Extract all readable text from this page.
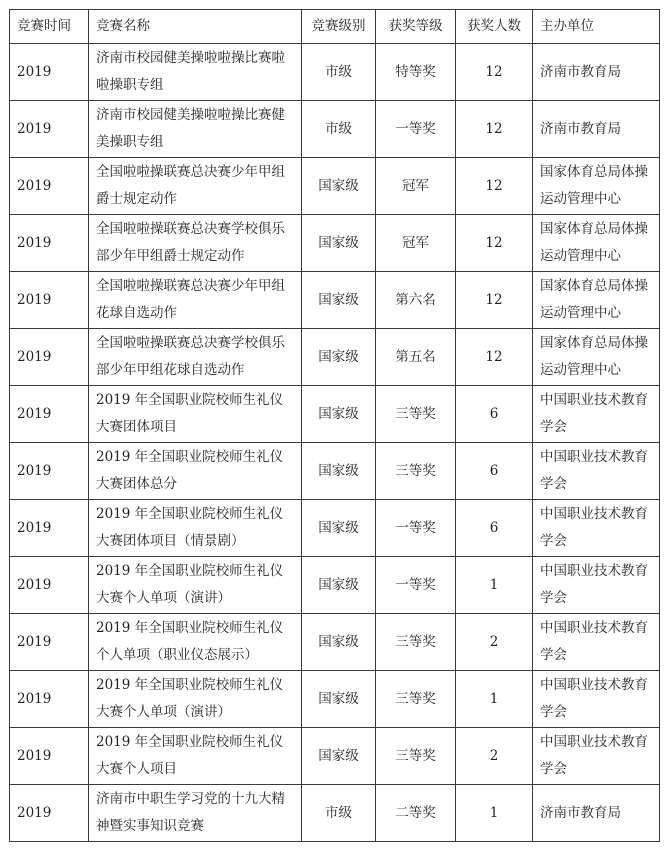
竞赛时间	竞赛名称	竞赛级别	获奖等级	获奖人数	主办单位
2019	济南市校园健美操啦啦操比赛啦啦操职专组	市级	特等奖	12	济南市教育局
2019	济南市校园健美操啦啦操比赛健美操职专组	市级	一等奖	12	济南市教育局
2019	全国啦啦操联赛总决赛少年甲组爵士规定动作	国家级	冠军	12	国家体育总局体操运动管理中心
2019	全国啦啦操联赛总决赛学校俱乐部少年甲组爵士规定动作	国家级	冠军	12	国家体育总局体操运动管理中心
2019	全国啦啦操联赛总决赛少年甲组花球自选动作	国家级	第六名	12	国家体育总局体操运动管理中心
2019	全国啦啦操联赛总决赛学校俱乐部少年甲组花球自选动作	国家级	第五名	12	国家体育总局体操运动管理中心
2019	2019 年全国职业院校师生礼仪大赛团体项目	国家级	三等奖	6	中国职业技术教育学会
2019	2019 年全国职业院校师生礼仪大赛团体总分	国家级	三等奖	6	中国职业技术教育学会
2019	2019 年全国职业院校师生礼仪大赛团体项目（情景剧）	国家级	一等奖	6	中国职业技术教育学会
2019	2019 年全国职业院校师生礼仪大赛个人单项（演讲）	国家级	一等奖	1	中国职业技术教育学会
2019	2019 年全国职业院校师生礼仪个人单项（职业仪态展示）	国家级	三等奖	2	中国职业技术教育学会
2019	2019 年全国职业院校师生礼仪大赛个人单项（演讲）	国家级	三等奖	1	中国职业技术教育学会
2019	2019 年全国职业院校师生礼仪大赛个人项目	国家级	三等奖	2	中国职业技术教育学会
2019	济南市中职生学习党的十九大精神暨实事知识竞赛	市级	二等奖	1	济南市教育局
